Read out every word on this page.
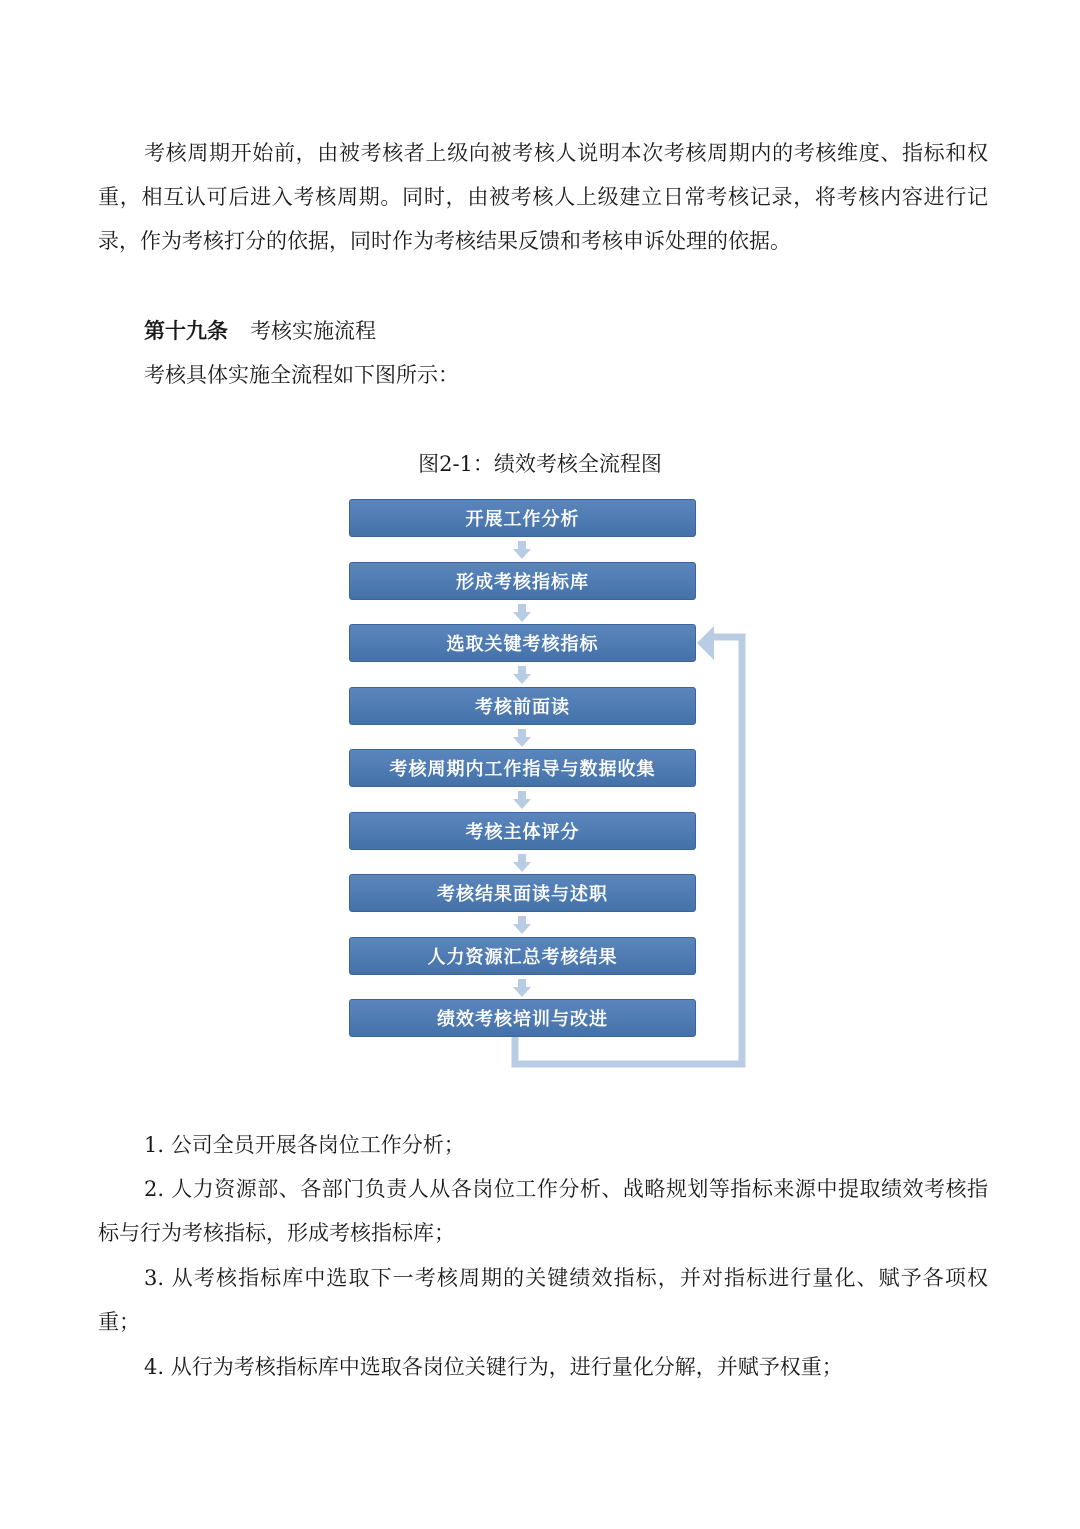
考核周期开始前，由被考核者上级向被考核人说明本次考核周期内的考核维度、指标和权重，相互认可后进入考核周期。同时，由被考核人上级建立日常考核记录，将考核内容进行记录，作为考核打分的依据，同时作为考核结果反馈和考核申诉处理的依据。

第十九条 考核实施流程

考核具体实施全流程如下图所示：

图2-1：绩效考核全流程图

开展工作分析
形成考核指标库
选取关键考核指标
考核前面读
考核周期内工作指导与数据收集
考核主体评分
考核结果面读与述职
人力资源汇总考核结果
绩效考核培训与改进

1. 公司全员开展各岗位工作分析；

2. 人力资源部、各部门负责人从各岗位工作分析、战略规划等指标来源中提取绩效考核指标与行为考核指标，形成考核指标库；

3. 从考核指标库中选取下一考核周期的关键绩效指标，并对指标进行量化、赋予各项权重；

4. 从行为考核指标库中选取各岗位关键行为，进行量化分解，并赋予权重；
